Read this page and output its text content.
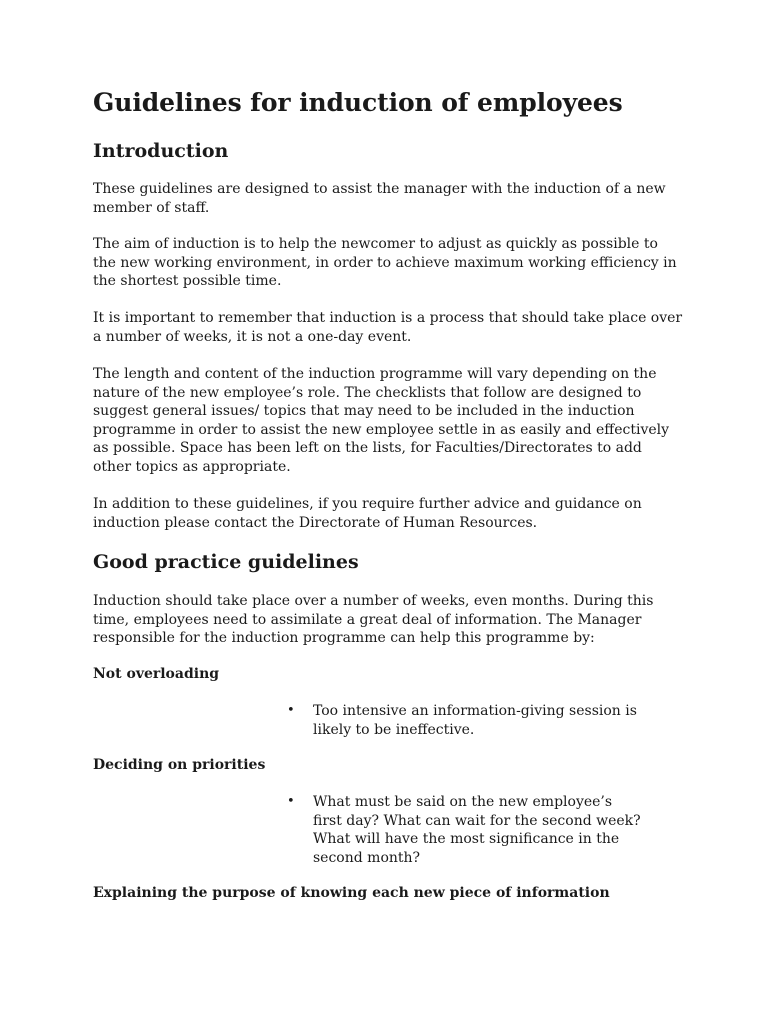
Guidelines for induction of employees
Introduction

These guidelines are designed to assist the manager with the induction of a new member of staff.

The aim of induction is to help the newcomer to adjust as quickly as possible to the new working environment, in order to achieve maximum working efficiency in the shortest possible time.

It is important to remember that induction is a process that should take place over a number of weeks, it is not a one-day event.

The length and content of the induction programme will vary depending on the nature of the new employee’s role. The checklists that follow are designed to suggest general issues/ topics that may need to be included in the induction programme in order to assist the new employee settle in as easily and effectively as possible. Space has been left on the lists, for Faculties/Directorates to add other topics as appropriate.

In addition to these guidelines, if you require further advice and guidance on induction please contact the Directorate of Human Resources.

Good practice guidelines

Induction should take place over a number of weeks, even months. During this time, employees need to assimilate a great deal of information. The Manager responsible for the induction programme can help this programme by:

Not overloading
• Too intensive an information-giving session is likely to be ineffective.
Deciding on priorities
• What must be said on the new employee’s first day? What can wait for the second week? What will have the most significance in the second month?
Explaining the purpose of knowing each new piece of information
